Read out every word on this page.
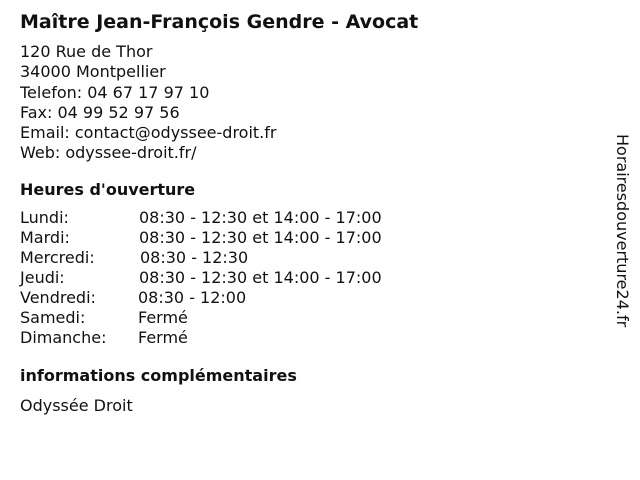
Maître Jean-François Gendre - Avocat
120 Rue de Thor
34000 Montpellier
Telefon: 04 67 17 97 10
Fax: 04 99 52 97 56
Email: contact@odyssee-droit.fr
Web: odyssee-droit.fr/
Heures d'ouverture
Lundi:	08:30 - 12:30 et 14:00 - 17:00
Mardi:	08:30 - 12:30 et 14:00 - 17:00
Mercredi:	08:30 - 12:30
Jeudi:	08:30 - 12:30 et 14:00 - 17:00
Vendredi:	08:30 - 12:00
Samedi:	Fermé
Dimanche:	Fermé
informations complémentaires
Odyssée Droit
Horairesdouverture24.fr
